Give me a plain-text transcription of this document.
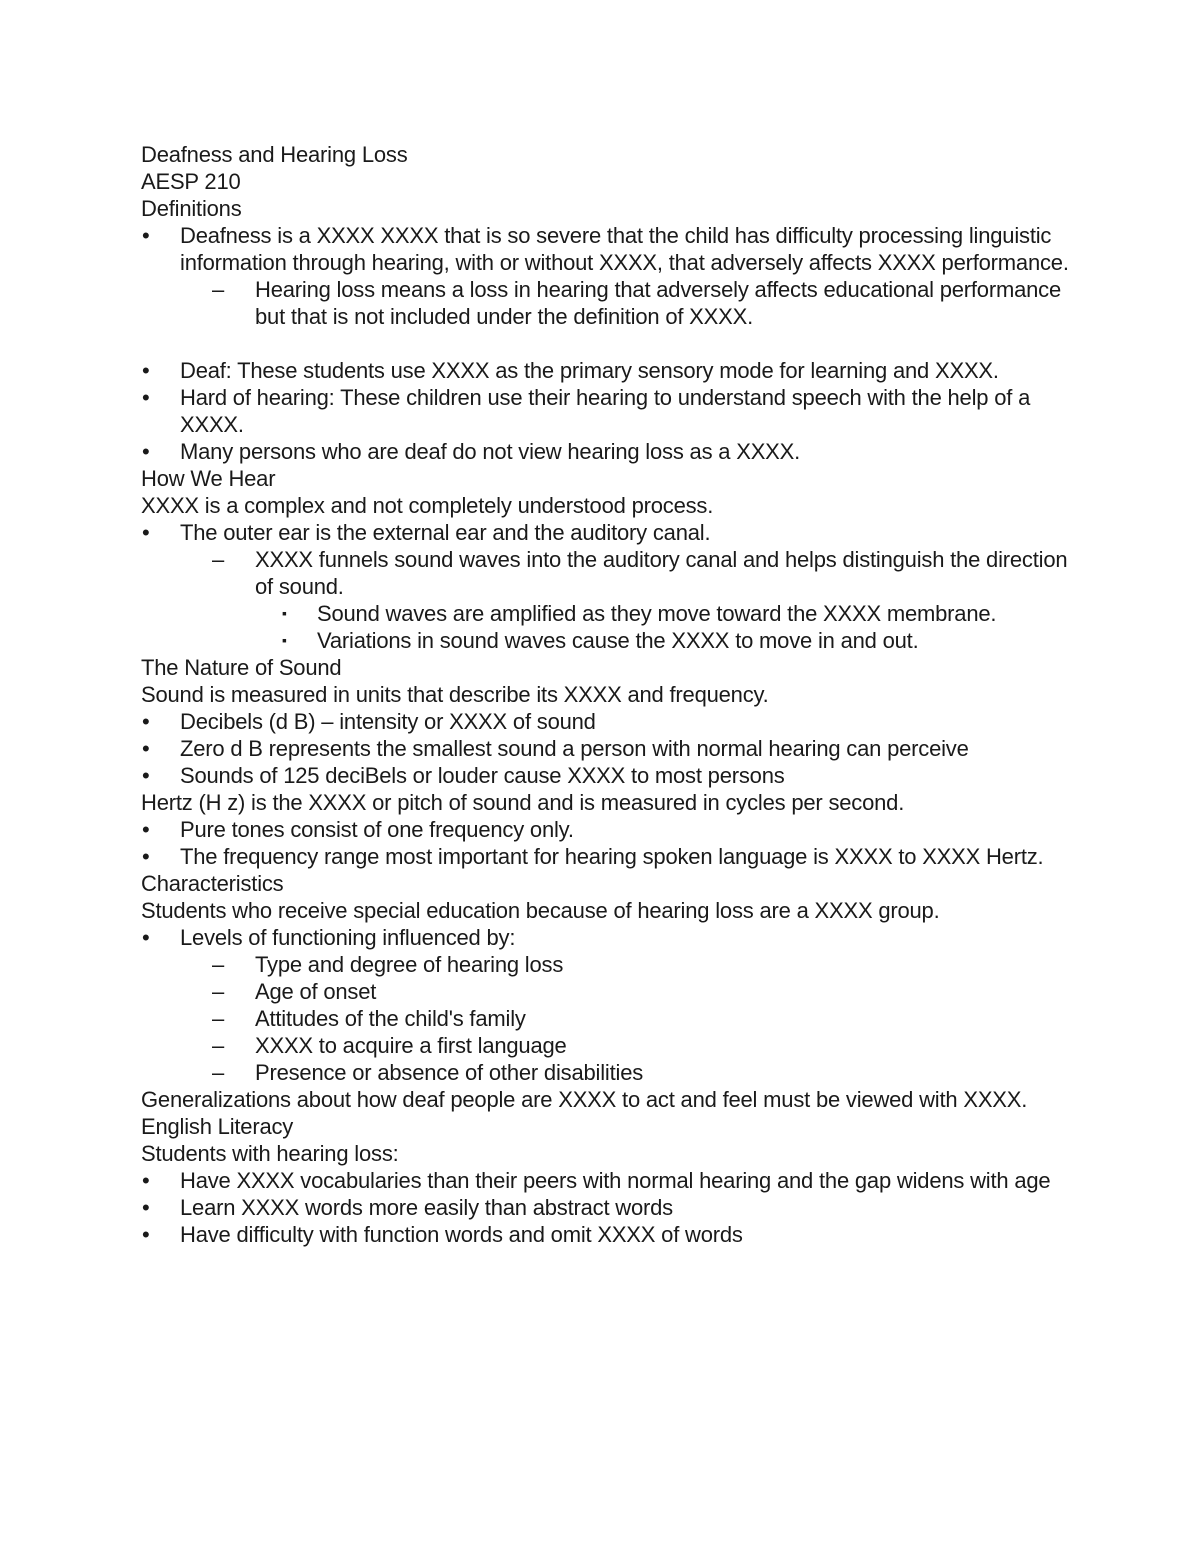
Deafness and Hearing Loss
AESP 210
Definitions
• Deafness is a XXXX XXXX that is so severe that the child has difficulty processing linguistic information through hearing, with or without XXXX, that adversely affects XXXX performance.
– Hearing loss means a loss in hearing that adversely affects educational performance but that is not included under the definition of XXXX.
• Deaf: These students use XXXX as the primary sensory mode for learning and XXXX.
• Hard of hearing: These children use their hearing to understand speech with the help of a XXXX.
• Many persons who are deaf do not view hearing loss as a XXXX.
How We Hear
XXXX is a complex and not completely understood process.
• The outer ear is the external ear and the auditory canal.
– XXXX funnels sound waves into the auditory canal and helps distinguish the direction of sound.
▪ Sound waves are amplified as they move toward the XXXX membrane.
▪ Variations in sound waves cause the XXXX to move in and out.
The Nature of Sound
Sound is measured in units that describe its XXXX and frequency.
• Decibels (d B) – intensity or XXXX of sound
• Zero d B represents the smallest sound a person with normal hearing can perceive
• Sounds of 125 deciBels or louder cause XXXX to most persons
Hertz (H z) is the XXXX or pitch of sound and is measured in cycles per second.
• Pure tones consist of one frequency only.
• The frequency range most important for hearing spoken language is XXXX to XXXX Hertz.
Characteristics
Students who receive special education because of hearing loss are a XXXX group.
• Levels of functioning influenced by:
– Type and degree of hearing loss
– Age of onset
– Attitudes of the child's family
– XXXX to acquire a first language
– Presence or absence of other disabilities
Generalizations about how deaf people are XXXX to act and feel must be viewed with XXXX.
English Literacy
Students with hearing loss:
• Have XXXX vocabularies than their peers with normal hearing and the gap widens with age
• Learn XXXX words more easily than abstract words
• Have difficulty with function words and omit XXXX of words
